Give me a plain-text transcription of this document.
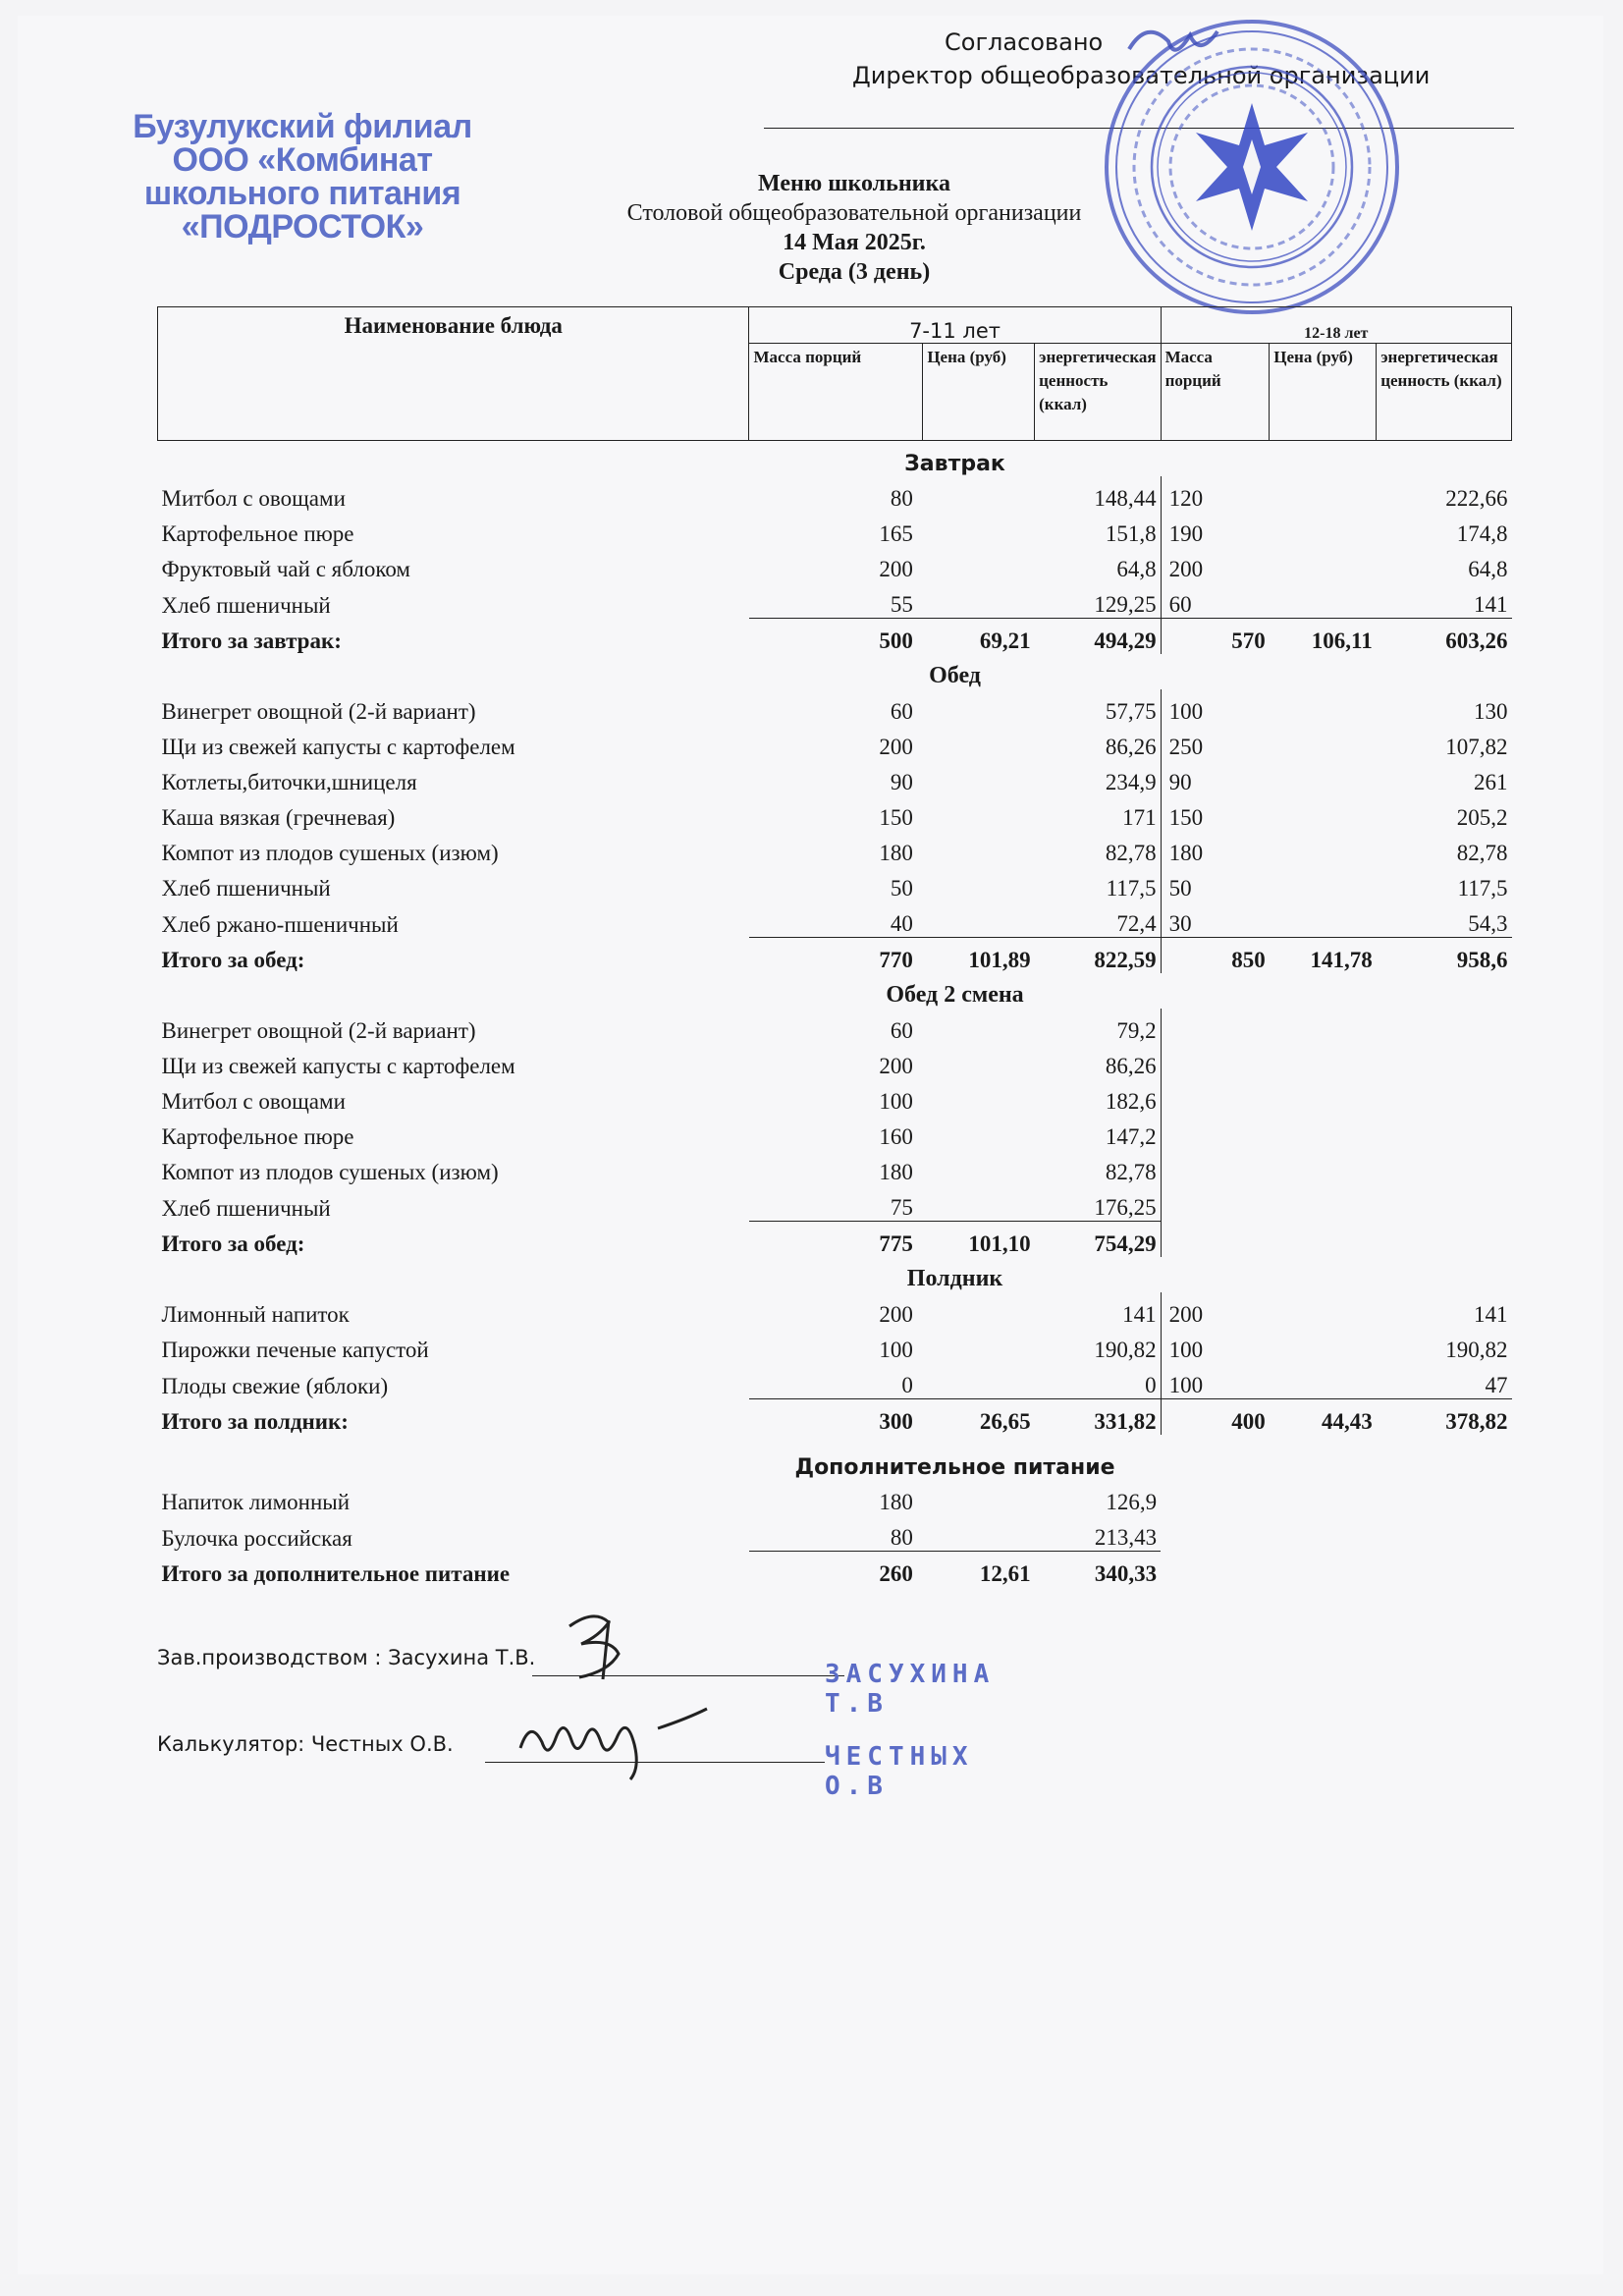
Согласовано
Директор общеобразовательной организации
Бузулукский филиал
ООО «Комбинат
школьного питания
«ПОДРОСТОК»
Меню школьника
Столовой общеобразовательной организации
14 Мая 2025г.
Среда (3 день)
Наименование блюда	7-11 лет			12-18 лет		
	Масса порций	Цена (руб)	энергетическая ценность (ккал)	Масса порций	Цена (руб)	энергетическая ценность (ккал)
	Завтрак					
Митбол с овощами	80		148,44	120		222,66
Картофельное пюре	165		151,8	190		174,8
Фруктовый чай с яблоком	200		64,8	200		64,8
Хлеб пшеничный	55		129,25	60		141
Итого за завтрак:	500	69,21	494,29	570	106,11	603,26
	Обед					
Винегрет овощной (2-й вариант)	60		57,75	100		130
Щи из свежей капусты с картофелем	200		86,26	250		107,82
Котлеты,биточки,шницеля	90		234,9	90		261
Каша вязкая (гречневая)	150		171	150		205,2
Компот из плодов сушеных (изюм)	180		82,78	180		82,78
Хлеб пшеничный	50		117,5	50		117,5
Хлеб ржано-пшеничный	40		72,4	30		54,3
Итого за обед:	770	101,89	822,59	850	141,78	958,6
	Обед 2 смена					
Винегрет овощной (2-й вариант)	60		79,2			
Щи из свежей капусты с картофелем	200		86,26			
Митбол с овощами	100		182,6			
Картофельное пюре	160		147,2			
Компот из плодов сушеных (изюм)	180		82,78			
Хлеб пшеничный	75		176,25			
Итого за обед:	775	101,10	754,29			
	Полдник					
Лимонный напиток	200		141	200		141
Пирожки печеные капустой	100		190,82	100		190,82
Плоды свежие (яблоки)	0		0	100		47
Итого за полдник:	300	26,65	331,82	400	44,43	378,82
	Дополнительное питание					
Напиток лимонный	180		126,9			
Булочка российская	80		213,43			
Итого за дополнительное питание	260	12,61	340,33			
Зав.производством : Засухина Т.В.
ЗАСУХИНА Т.В
Калькулятор: Честных О.В.	ЧЕСТНЫХ О.В
